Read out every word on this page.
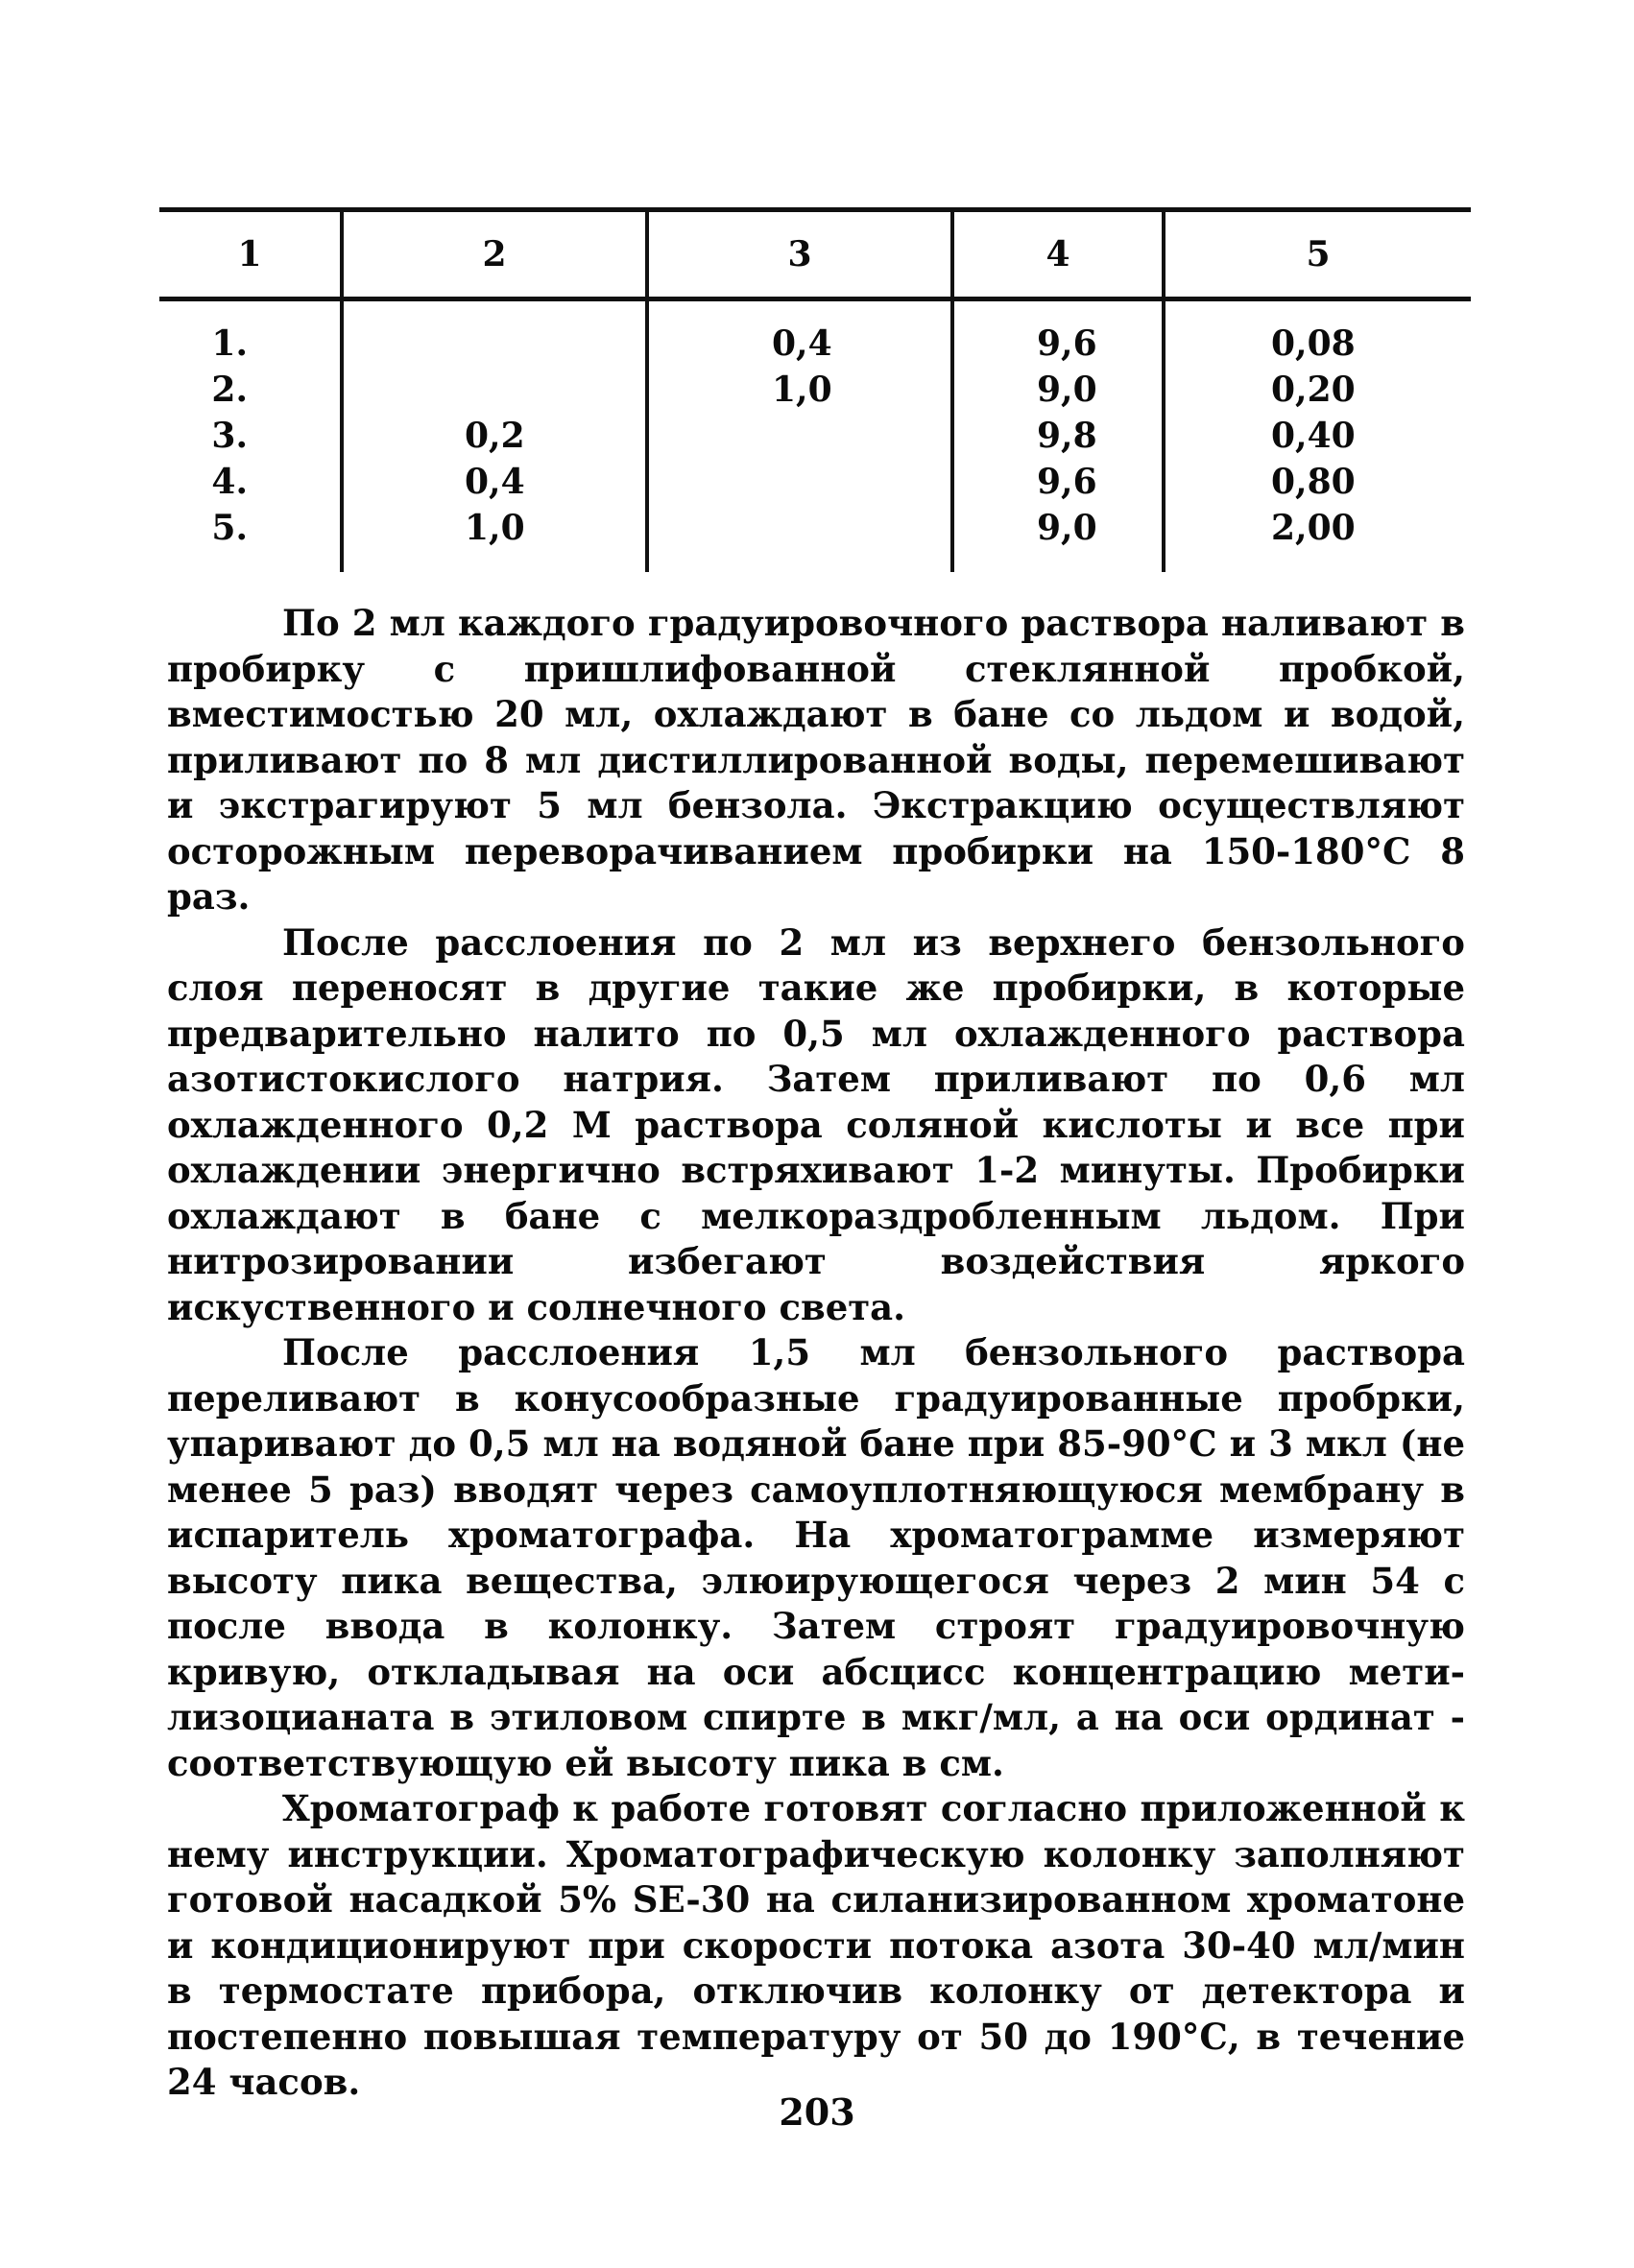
1	2	3	4	5
1.		0,4	9,6	0,08
2.		1,0	9,0	0,20
3.	0,2		9,8	0,40
4.	0,4		9,6	0,80
5.	1,0		9,0	2,00

По 2 мл каждого градуировочного раствора наливают в пробирку с пришлифованной стеклянной пробкой, вместимостью 20 мл, охлаждают в бане со льдом и водой, приливают по 8 мл дистиллированной воды, перемешивают и экстрагируют 5 мл бензола. Экстракцию осуществляют осторожным переворачиванием пробирки на 150-180°С 8 раз.

После расслоения по 2 мл из верхнего бензольного слоя переносят в другие такие же пробирки, в которые предварительно налито по 0,5 мл охлажденного раствора азотистокислого натрия. Затем приливают по 0,6 мл охлажденного 0,2 М раствора соляной кислоты и все при охлаждении энергично встряхивают 1-2 минуты. Пробирки охлаждают в бане с мелкораздробленным льдом. При нитрозировании избегают воздействия яркого искуственного и солнечного света.

После расслоения 1,5 мл бензольного раствора переливают в конусообразные градуированные пробрки, упаривают до 0,5 мл на водяной бане при 85-90°С и 3 мкл (не менее 5 раз) вводят через самоуплотняющуюся мембрану в испаритель хроматографа. На хроматограмме измеряют высоту пика вещества, элюирующегося через 2 мин 54 с после ввода в колонку. Затем строят градуировочную кривую, откладывая на оси абсцисс концентрацию метилизоцианата в этиловом спирте в мкг/мл, а на оси ординат - соответствующую ей высоту пика в см.

Хроматограф к работе готовят согласно приложенной к нему инструкции. Хроматографическую колонку заполняют готовой насадкой 5% SE-30 на силанизированном хроматоне и кондиционируют при скорости потока азота 30-40 мл/мин в термостате прибора, отключив колонку от детектора и постепенно повышая температуру от 50 до 190°С, в течение 24 часов.

203
